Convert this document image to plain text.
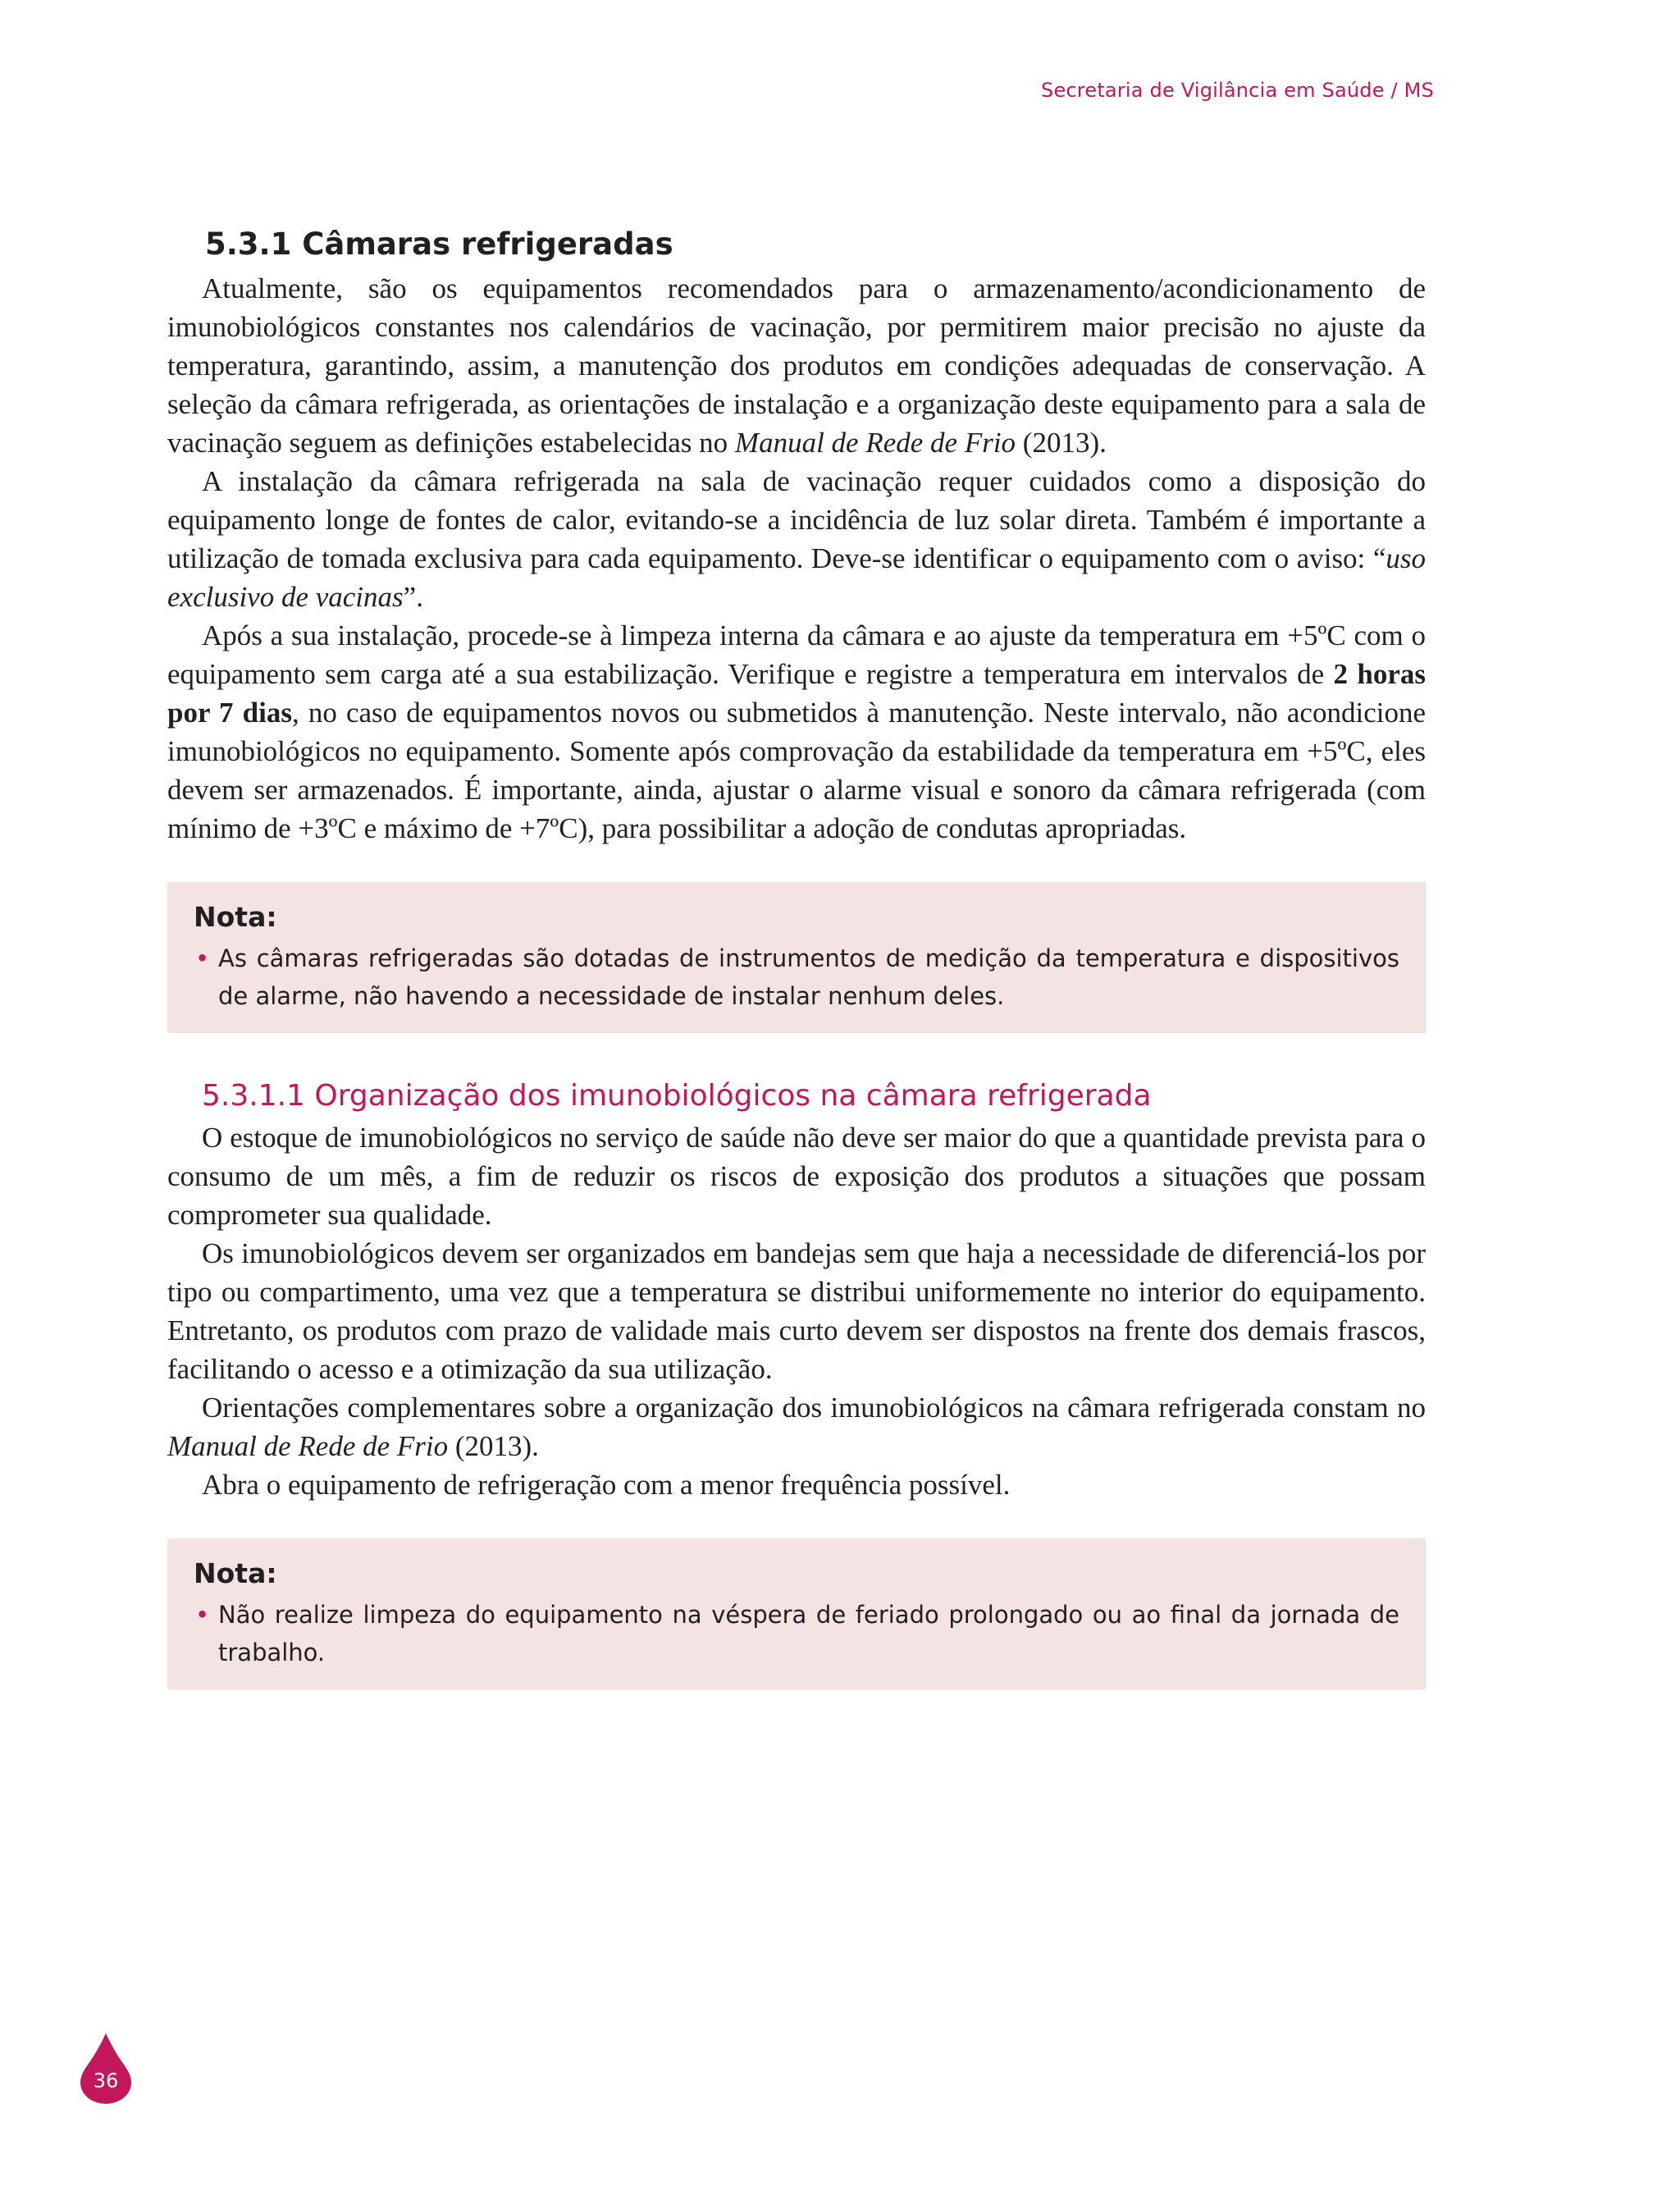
Secretaria de Vigilância em Saúde / MS
5.3.1 Câmaras refrigeradas

Atualmente, são os equipamentos recomendados para o armazenamento/acondicionamento de imunobiológicos constantes nos calendários de vacinação, por permitirem maior precisão no ajuste da temperatura, garantindo, assim, a manutenção dos produtos em condições adequadas de conservação. A seleção da câmara refrigerada, as orientações de instalação e a organização deste equipamento para a sala de vacinação seguem as definições estabelecidas no Manual de Rede de Frio (2013).

A instalação da câmara refrigerada na sala de vacinação requer cuidados como a disposição do equipamento longe de fontes de calor, evitando-se a incidência de luz solar direta. Também é importante a utilização de tomada exclusiva para cada equipamento. Deve-se identificar o equipamento com o aviso: “uso exclusivo de vacinas”.

Após a sua instalação, procede-se à limpeza interna da câmara e ao ajuste da temperatura em +5ºC com o equipamento sem carga até a sua estabilização. Verifique e registre a temperatura em intervalos de 2 horas por 7 dias, no caso de equipamentos novos ou submetidos à manutenção. Neste intervalo, não acondicione imunobiológicos no equipamento. Somente após comprovação da estabilidade da temperatura em +5ºC, eles devem ser armazenados. É importante, ainda, ajustar o alarme visual e sonoro da câmara refrigerada (com mínimo de +3ºC e máximo de +7ºC), para possibilitar a adoção de condutas apropriadas.

Nota:
• As câmaras refrigeradas são dotadas de instrumentos de medição da temperatura e dispositivos de alarme, não havendo a necessidade de instalar nenhum deles.
5.3.1.1 Organização dos imunobiológicos na câmara refrigerada

O estoque de imunobiológicos no serviço de saúde não deve ser maior do que a quantidade prevista para o consumo de um mês, a fim de reduzir os riscos de exposição dos produtos a situações que possam comprometer sua qualidade.

Os imunobiológicos devem ser organizados em bandejas sem que haja a necessidade de diferenciá-los por tipo ou compartimento, uma vez que a temperatura se distribui uniformemente no interior do equipamento. Entretanto, os produtos com prazo de validade mais curto devem ser dispostos na frente dos demais frascos, facilitando o acesso e a otimização da sua utilização.

Orientações complementares sobre a organização dos imunobiológicos na câmara refrigerada constam no Manual de Rede de Frio (2013).

Abra o equipamento de refrigeração com a menor frequência possível.

Nota:
• Não realize limpeza do equipamento na véspera de feriado prolongado ou ao final da jornada de trabalho.
36
